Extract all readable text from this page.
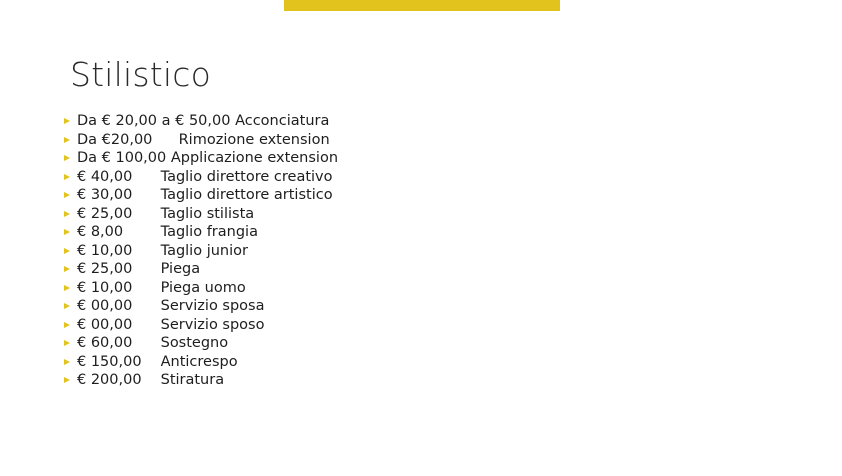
Stilistico
Da € 20,00 a € 50,00 Acconciatura
Da €20,00 Rimozione extension
Da € 100,00 Applicazione extension
€ 40,00 Taglio direttore creativo
€ 30,00 Taglio direttore artistico
€ 25,00 Taglio stilista
€ 8,00	Taglio frangia
€ 10,00 Taglio junior
€ 25,00 Piega
€ 10,00 Piega uomo
€ 00,00 Servizio sposa
€ 00,00 Servizio sposo
€ 60,00 Sostegno
€ 150,00 Anticrespo
€ 200,00 Stiratura
